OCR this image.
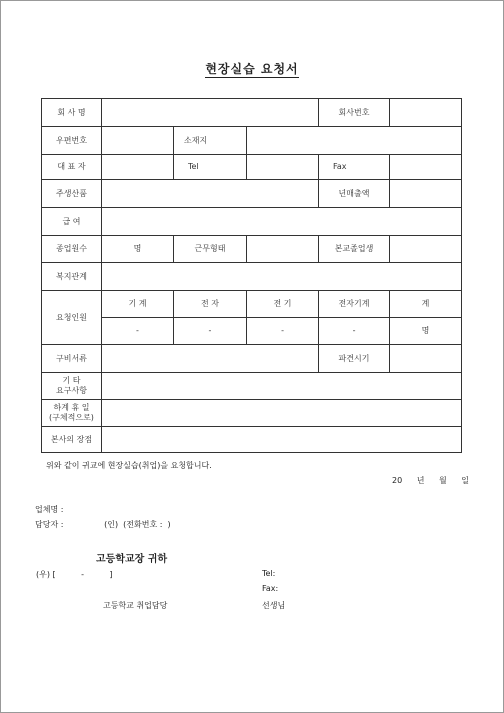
현장실습 요청서
회 사 명				회사번호	
우편번호		소재지			
대 표 자		Tel		Fax	
주생산품				년매출액	
급 여					
종업원수	명	근무형태		본교졸업생	
복지관계					
요청인원	기 계	전 자	전 기	전자기계	계
	-	-	-	-	명
구비서류				파견시기	

기 타
요구사항					

하계 휴 일
(구체적으로)					

본사의 장점					
위와 같이 귀교에 현장실습(취업)을 요청합니다.
20 년 월 일
업체명 :
담당자 :                (인)  (전화번호 :  )
고등학교장 귀하
(우) [          -          ]	Tel:
Fax:
고등학교 취업담당	선생님
